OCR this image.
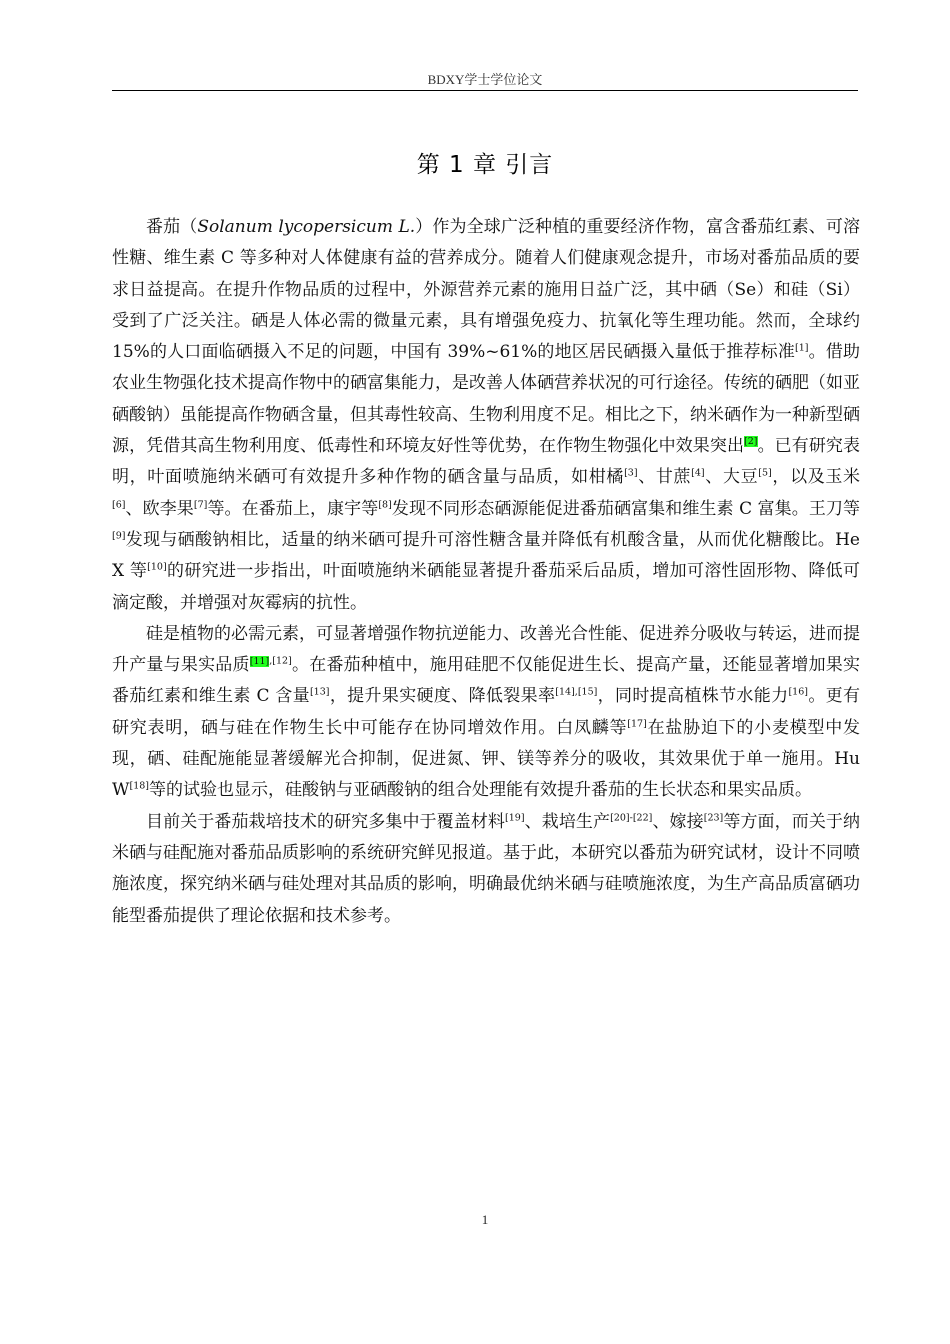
BDXY学士学位论文
第 1 章 引言

番茄（Solanum lycopersicum L.）作为全球广泛种植的重要经济作物，富含番茄红素、可溶性糖、维生素 C 等多种对人体健康有益的营养成分。随着人们健康观念提升，市场对番茄品质的要求日益提高。在提升作物品质的过程中，外源营养元素的施用日益广泛，其中硒（Se）和硅（Si）受到了广泛关注。硒是人体必需的微量元素，具有增强免疫力、抗氧化等生理功能。然而，全球约 15%的人口面临硒摄入不足的问题，中国有 39%~61%的地区居民硒摄入量低于推荐标准[1]。借助农业生物强化技术提高作物中的硒富集能力，是改善人体硒营养状况的可行途径。传统的硒肥（如亚硒酸钠）虽能提高作物硒含量，但其毒性较高、生物利用度不足。相比之下，纳米硒作为一种新型硒源，凭借其高生物利用度、低毒性和环境友好性等优势，在作物生物强化中效果突出[2]。已有研究表明，叶面喷施纳米硒可有效提升多种作物的硒含量与品质，如柑橘[3]、甘蔗[4]、大豆[5]，以及玉米[6]、欧李果[7]等。在番茄上，康宇等[8]发现不同形态硒源能促进番茄硒富集和维生素 C 富集。王刀等[9]发现与硒酸钠相比，适量的纳米硒可提升可溶性糖含量并降低有机酸含量，从而优化糖酸比。He X 等[10]的研究进一步指出，叶面喷施纳米硒能显著提升番茄采后品质，增加可溶性固形物、降低可滴定酸，并增强对灰霉病的抗性。

硅是植物的必需元素，可显著增强作物抗逆能力、改善光合性能、促进养分吸收与转运，进而提升产量与果实品质[11],[12]。在番茄种植中，施用硅肥不仅能促进生长、提高产量，还能显著增加果实番茄红素和维生素 C 含量[13]，提升果实硬度、降低裂果率[14],[15]，同时提高植株节水能力[16]。更有研究表明，硒与硅在作物生长中可能存在协同增效作用。白凤麟等[17]在盐胁迫下的小麦模型中发现，硒、硅配施能显著缓解光合抑制，促进氮、钾、镁等养分的吸收，其效果优于单一施用。Hu W[18]等的试验也显示，硅酸钠与亚硒酸钠的组合处理能有效提升番茄的生长状态和果实品质。

目前关于番茄栽培技术的研究多集中于覆盖材料[19]、栽培生产[20]-[22]、嫁接[23]等方面，而关于纳米硒与硅配施对番茄品质影响的系统研究鲜见报道。基于此，本研究以番茄为研究试材，设计不同喷施浓度，探究纳米硒与硅处理对其品质的影响，明确最优纳米硒与硅喷施浓度，为生产高品质富硒功能型番茄提供了理论依据和技术参考。

1
